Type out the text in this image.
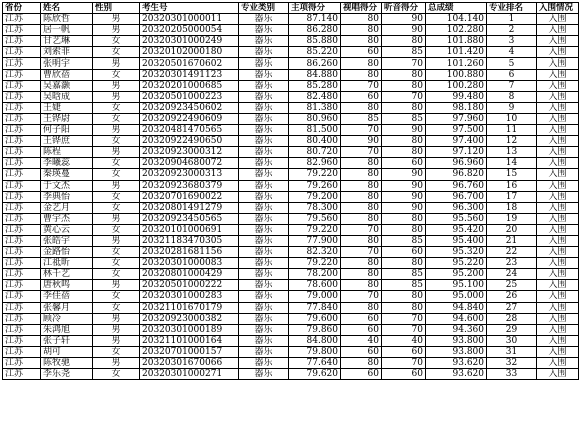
省份	姓名	性别	考生号	专业类别	主项得分	视唱得分	听音得分	总成绩	专业排名	入围情况
江苏	陈欣哲	男	20320301000011	器乐	87.140	80	90	104.140	1	入围
江苏	居一帆	男	20320205000054	器乐	86.280	80	90	102.280	2	入围
江苏	甘艺琳	女	20320301000249	器乐	85.880	80	80	101.880	3	入围
江苏	刘索菲	女	20320102000180	器乐	85.220	60	85	101.420	4	入围
江苏	张明宇	男	20320501670602	器乐	86.260	80	70	101.260	5	入围
江苏	曹欣蓓	女	20320301491123	器乐	84.880	80	80	100.880	6	入围
江苏	吴嘉灏	男	20320201000685	器乐	85.280	70	80	100.280	7	入围
江苏	吴晗成	男	20320501000223	器乐	82.480	60	70	99.480	8	入围
江苏	王婕	女	20320923450602	器乐	81.380	80	80	98.180	9	入围
江苏	王铧尉	女	20320922490609	器乐	80.960	85	85	97.960	10	入围
江苏	何子阳	男	20320481470565	器乐	81.500	70	90	97.500	11	入围
江苏	王铧庶	女	20320922490650	器乐	80.400	90	80	97.400	12	入围
江苏	陈程	男	20320923000312	器乐	80.720	70	80	97.120	13	入围
江苏	李曦蕊	女	20320904680072	器乐	82.960	80	60	96.960	14	入围
江苏	秦瑛蔓	女	20320923000313	器乐	79.220	80	90	96.820	15	入围
江苏	于文杰	男	20320923680379	器乐	79.260	80	90	96.760	16	入围
江苏	李典怡	女	20320701690022	器乐	79.200	80	90	96.700	17	入围
江苏	金艺月	女	20320801491279	器乐	78.300	80	90	96.300	18	入围
江苏	曹宇杰	男	20320923450565	器乐	79.560	80	80	95.560	19	入围
江苏	黄心云	女	20320101000691	器乐	79.220	70	80	95.420	20	入围
江苏	张皓宇	男	20321183470305	器乐	77.900	80	85	95.400	21	入围
江苏	金路怡	女	20320281681156	器乐	82.320	70	60	95.320	22	入围
江苏	江祗昕	女	20320301000083	器乐	79.220	80	80	95.220	23	入围
江苏	林千艺	女	20320801000429	器乐	78.200	80	85	95.200	24	入围
江苏	唐秋鸣	男	20320501000222	器乐	78.600	80	85	95.100	25	入围
江苏	李佳蓓	女	20320301000283	器乐	79.000	70	80	95.000	26	入围
江苏	张馨月	女	20321101670179	器乐	77.840	80	80	94.840	27	入围
江苏	顾冷	男	20320923000382	器乐	79.600	60	70	94.600	28	入围
江苏	朱鸿旭	男	20320301000189	器乐	79.860	60	70	94.360	29	入围
江苏	张子轩	男	20321101000164	器乐	84.800	40	40	93.800	30	入围
江苏	胡可	女	20320701000157	器乐	79.800	60	60	93.800	31	入围
江苏	陈牧驰	男	20320301670066	器乐	77.640	80	70	93.620	32	入围
江苏	李乐尧	女	20320301000271	器乐	79.620	60	60	93.620	33	入围
